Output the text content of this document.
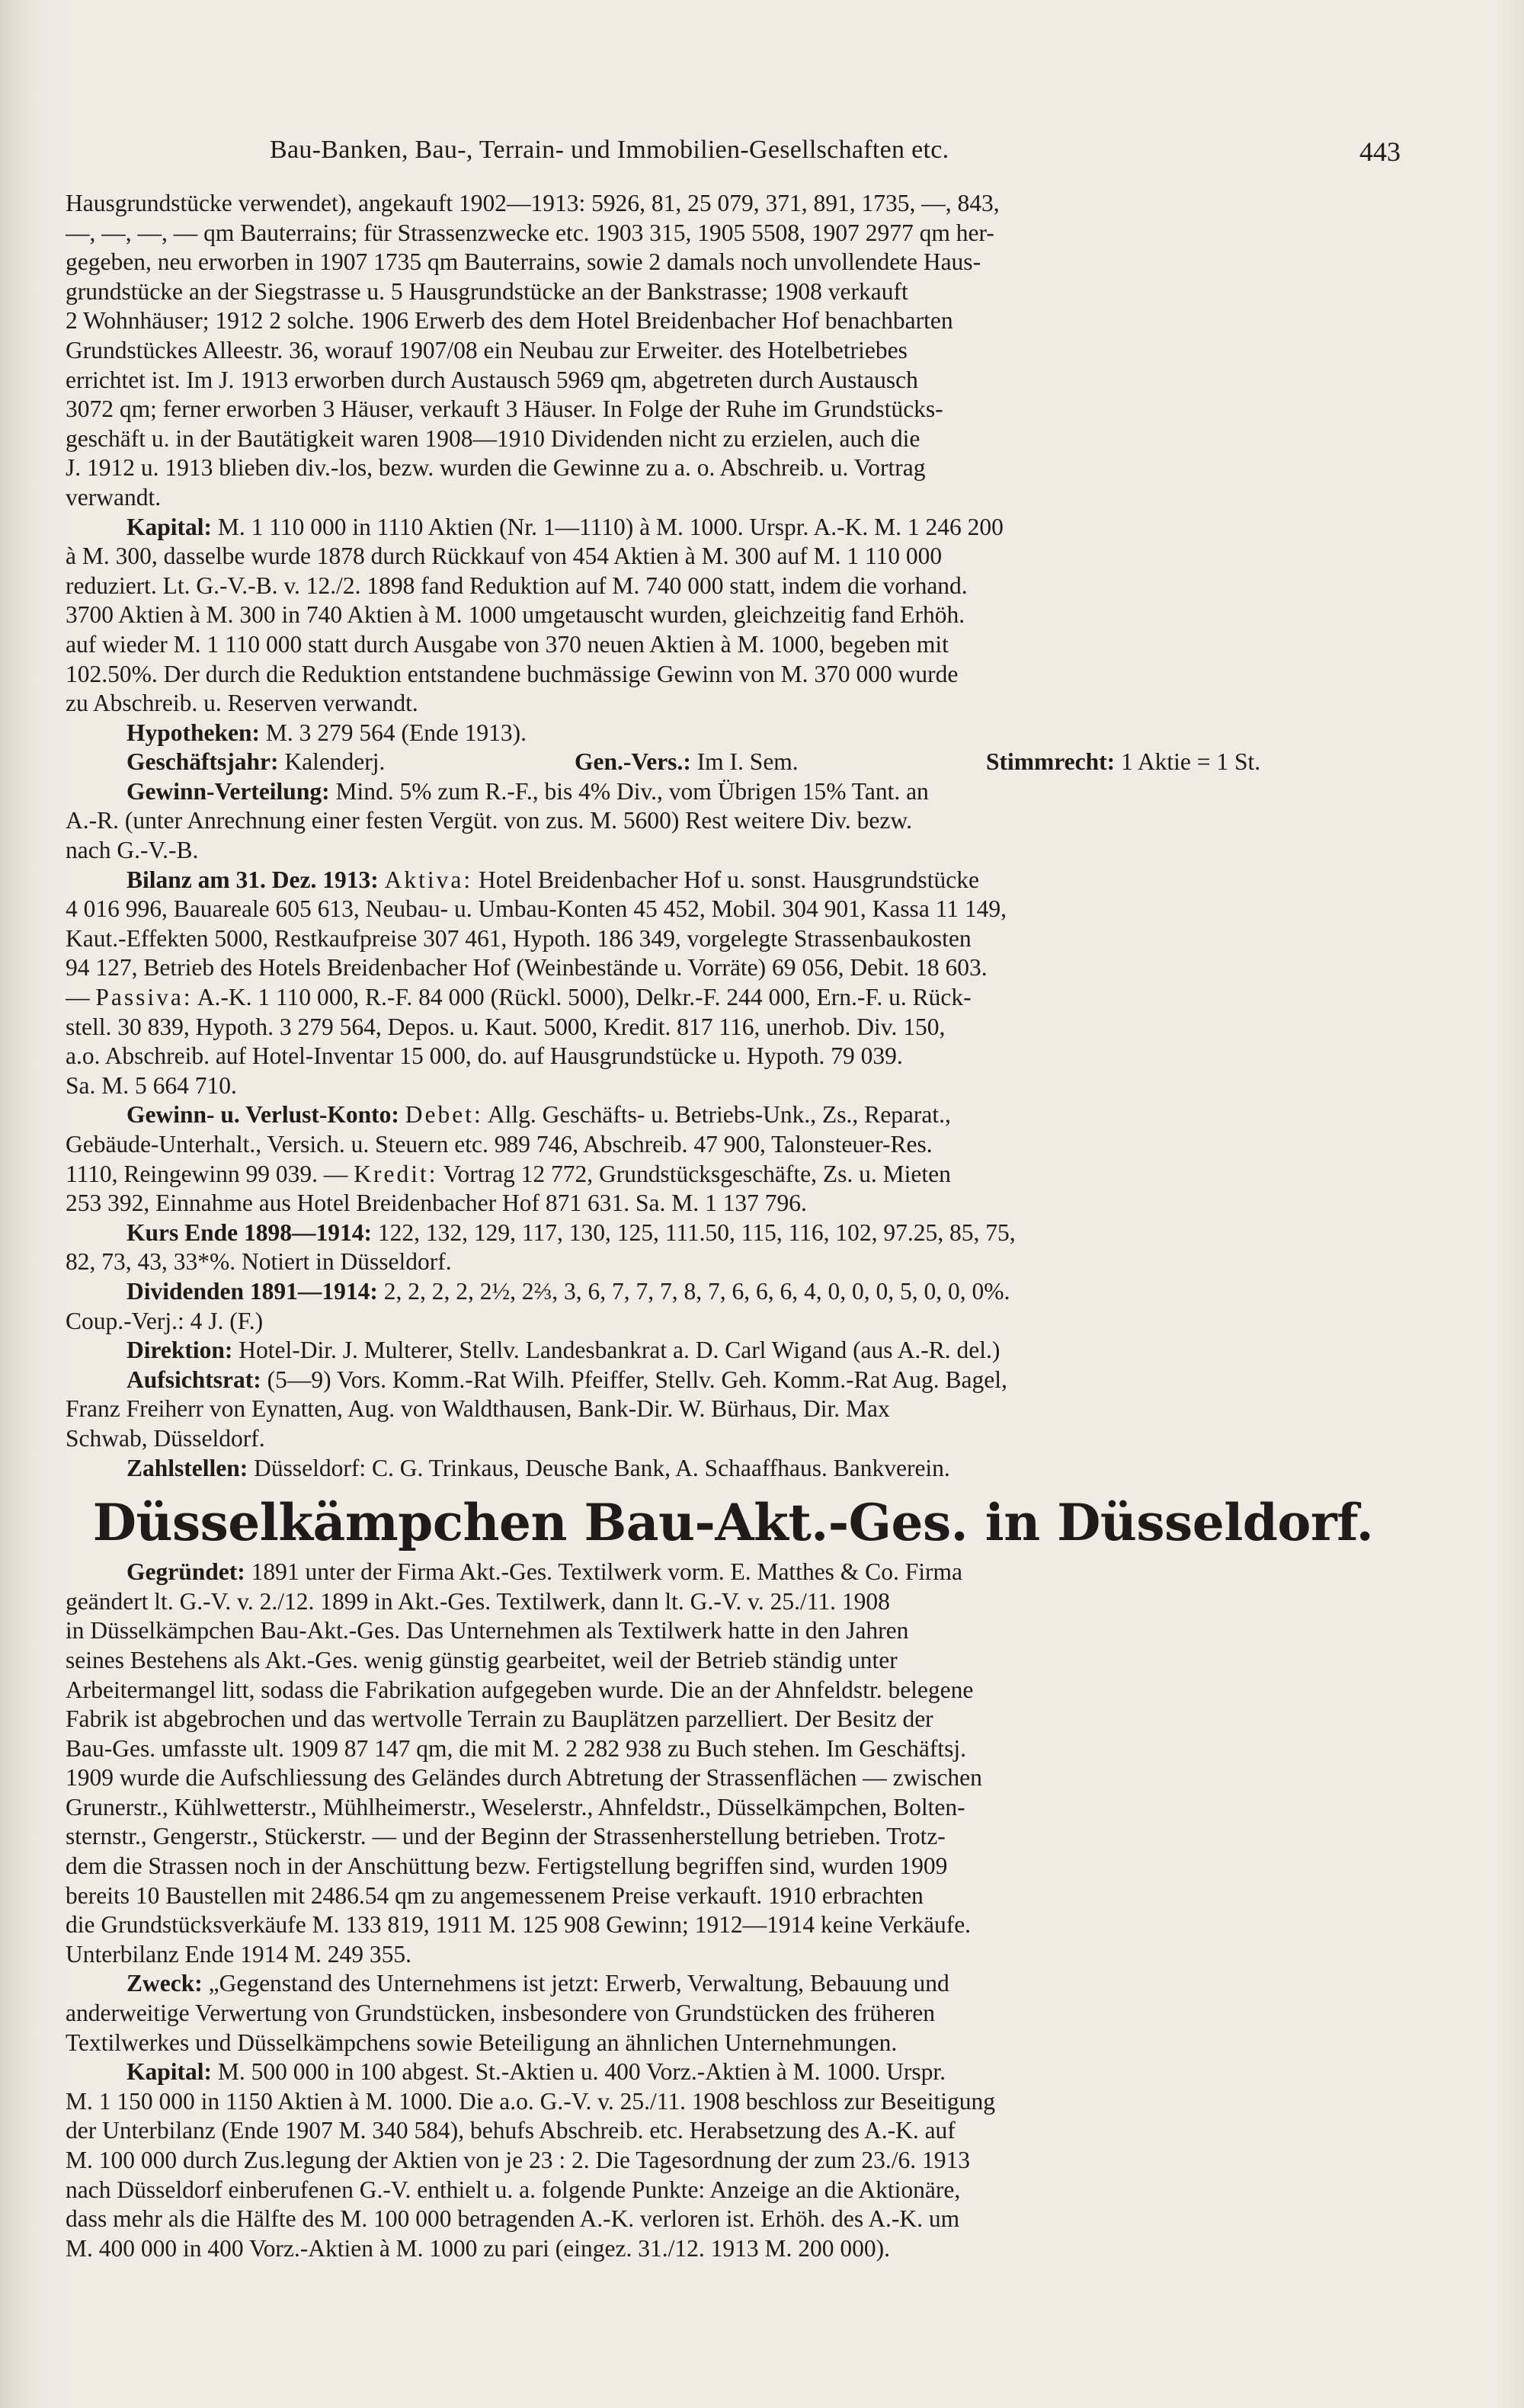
Bau-Banken, Bau-, Terrain- und Immobilien-Gesellschaften etc.	443

Hausgrundstücke verwendet), angekauft 1902—1913: 5926, 81, 25 079, 371, 891, 1735, —, 843,

—, —, —, — qm Bauterrains; für Strassenzwecke etc. 1903 315, 1905 5508, 1907 2977 qm her-

gegeben, neu erworben in 1907 1735 qm Bauterrains, sowie 2 damals noch unvollendete Haus-

grundstücke an der Siegstrasse u. 5 Hausgrundstücke an der Bankstrasse; 1908 verkauft

2 Wohnhäuser; 1912 2 solche. 1906 Erwerb des dem Hotel Breidenbacher Hof benachbarten

Grundstückes Alleestr. 36, worauf 1907/08 ein Neubau zur Erweiter. des Hotelbetriebes

errichtet ist. Im J. 1913 erworben durch Austausch 5969 qm, abgetreten durch Austausch

3072 qm; ferner erworben 3 Häuser, verkauft 3 Häuser. In Folge der Ruhe im Grundstücks-

geschäft u. in der Bautätigkeit waren 1908—1910 Dividenden nicht zu erzielen, auch die

J. 1912 u. 1913 blieben div.-los, bezw. wurden die Gewinne zu a. o. Abschreib. u. Vortrag

verwandt.

Kapital: M. 1 110 000 in 1110 Aktien (Nr. 1—1110) à M. 1000. Urspr. A.-K. M. 1 246 200

à M. 300, dasselbe wurde 1878 durch Rückkauf von 454 Aktien à M. 300 auf M. 1 110 000

reduziert. Lt. G.-V.-B. v. 12./2. 1898 fand Reduktion auf M. 740 000 statt, indem die vorhand.

3700 Aktien à M. 300 in 740 Aktien à M. 1000 umgetauscht wurden, gleichzeitig fand Erhöh.

auf wieder M. 1 110 000 statt durch Ausgabe von 370 neuen Aktien à M. 1000, begeben mit

102.50%. Der durch die Reduktion entstandene buchmässige Gewinn von M. 370 000 wurde

zu Abschreib. u. Reserven verwandt.

Hypotheken: M. 3 279 564 (Ende 1913).

Geschäftsjahr: Kalenderj.	Gen.-Vers.: Im I. Sem.	Stimmrecht: 1 Aktie = 1 St.

Gewinn-Verteilung: Mind. 5% zum R.-F., bis 4% Div., vom Übrigen 15% Tant. an

A.-R. (unter Anrechnung einer festen Vergüt. von zus. M. 5600) Rest weitere Div. bezw.

nach G.-V.-B.

Bilanz am 31. Dez. 1913: Aktiva: Hotel Breidenbacher Hof u. sonst. Hausgrundstücke

4 016 996, Bauareale 605 613, Neubau- u. Umbau-Konten 45 452, Mobil. 304 901, Kassa 11 149,

Kaut.-Effekten 5000, Restkaufpreise 307 461, Hypoth. 186 349, vorgelegte Strassenbaukosten

94 127, Betrieb des Hotels Breidenbacher Hof (Weinbestände u. Vorräte) 69 056, Debit. 18 603.

— Passiva: A.-K. 1 110 000, R.-F. 84 000 (Rückl. 5000), Delkr.-F. 244 000, Ern.-F. u. Rück-

stell. 30 839, Hypoth. 3 279 564, Depos. u. Kaut. 5000, Kredit. 817 116, unerhob. Div. 150,

a.o. Abschreib. auf Hotel-Inventar 15 000, do. auf Hausgrundstücke u. Hypoth. 79 039.

Sa. M. 5 664 710.

Gewinn- u. Verlust-Konto: Debet: Allg. Geschäfts- u. Betriebs-Unk., Zs., Reparat.,

Gebäude-Unterhalt., Versich. u. Steuern etc. 989 746, Abschreib. 47 900, Talonsteuer-Res.

1110, Reingewinn 99 039. — Kredit: Vortrag 12 772, Grundstücksgeschäfte, Zs. u. Mieten

253 392, Einnahme aus Hotel Breidenbacher Hof 871 631. Sa. M. 1 137 796.

Kurs Ende 1898—1914: 122, 132, 129, 117, 130, 125, 111.50, 115, 116, 102, 97.25, 85, 75,

82, 73, 43, 33*%. Notiert in Düsseldorf.

Dividenden 1891—1914: 2, 2, 2, 2, 2½, 2⅔, 3, 6, 7, 7, 7, 8, 7, 6, 6, 6, 4, 0, 0, 0, 5, 0, 0, 0%.

Coup.-Verj.: 4 J. (F.)

Direktion: Hotel-Dir. J. Multerer, Stellv. Landesbankrat a. D. Carl Wigand (aus A.-R. del.)

Aufsichtsrat: (5—9) Vors. Komm.-Rat Wilh. Pfeiffer, Stellv. Geh. Komm.-Rat Aug. Bagel,

Franz Freiherr von Eynatten, Aug. von Waldthausen, Bank-Dir. W. Bürhaus, Dir. Max

Schwab, Düsseldorf.

Zahlstellen: Düsseldorf: C. G. Trinkaus, Deusche Bank, A. Schaaffhaus. Bankverein.

Düsselkämpchen Bau-Akt.-Ges. in Düsseldorf.

Gegründet: 1891 unter der Firma Akt.-Ges. Textilwerk vorm. E. Matthes & Co. Firma

geändert lt. G.-V. v. 2./12. 1899 in Akt.-Ges. Textilwerk, dann lt. G.-V. v. 25./11. 1908

in Düsselkämpchen Bau-Akt.-Ges. Das Unternehmen als Textilwerk hatte in den Jahren

seines Bestehens als Akt.-Ges. wenig günstig gearbeitet, weil der Betrieb ständig unter

Arbeitermangel litt, sodass die Fabrikation aufgegeben wurde. Die an der Ahnfeldstr. belegene

Fabrik ist abgebrochen und das wertvolle Terrain zu Bauplätzen parzelliert. Der Besitz der

Bau-Ges. umfasste ult. 1909 87 147 qm, die mit M. 2 282 938 zu Buch stehen. Im Geschäftsj.

1909 wurde die Aufschliessung des Geländes durch Abtretung der Strassenflächen — zwischen

Grunerstr., Kühlwetterstr., Mühlheimerstr., Weselerstr., Ahnfeldstr., Düsselkämpchen, Bolten-

sternstr., Gengerstr., Stückerstr. — und der Beginn der Strassenherstellung betrieben. Trotz-

dem die Strassen noch in der Anschüttung bezw. Fertigstellung begriffen sind, wurden 1909

bereits 10 Baustellen mit 2486.54 qm zu angemessenem Preise verkauft. 1910 erbrachten

die Grundstücksverkäufe M. 133 819, 1911 M. 125 908 Gewinn; 1912—1914 keine Verkäufe.

Unterbilanz Ende 1914 M. 249 355.

Zweck: „Gegenstand des Unternehmens ist jetzt: Erwerb, Verwaltung, Bebauung und

anderweitige Verwertung von Grundstücken, insbesondere von Grundstücken des früheren

Textilwerkes und Düsselkämpchens sowie Beteiligung an ähnlichen Unternehmungen.

Kapital: M. 500 000 in 100 abgest. St.-Aktien u. 400 Vorz.-Aktien à M. 1000. Urspr.

M. 1 150 000 in 1150 Aktien à M. 1000. Die a.o. G.-V. v. 25./11. 1908 beschloss zur Beseitigung

der Unterbilanz (Ende 1907 M. 340 584), behufs Abschreib. etc. Herabsetzung des A.-K. auf

M. 100 000 durch Zus.legung der Aktien von je 23 : 2. Die Tagesordnung der zum 23./6. 1913

nach Düsseldorf einberufenen G.-V. enthielt u. a. folgende Punkte: Anzeige an die Aktionäre,

dass mehr als die Hälfte des M. 100 000 betragenden A.-K. verloren ist. Erhöh. des A.-K. um

M. 400 000 in 400 Vorz.-Aktien à M. 1000 zu pari (eingez. 31./12. 1913 M. 200 000).
